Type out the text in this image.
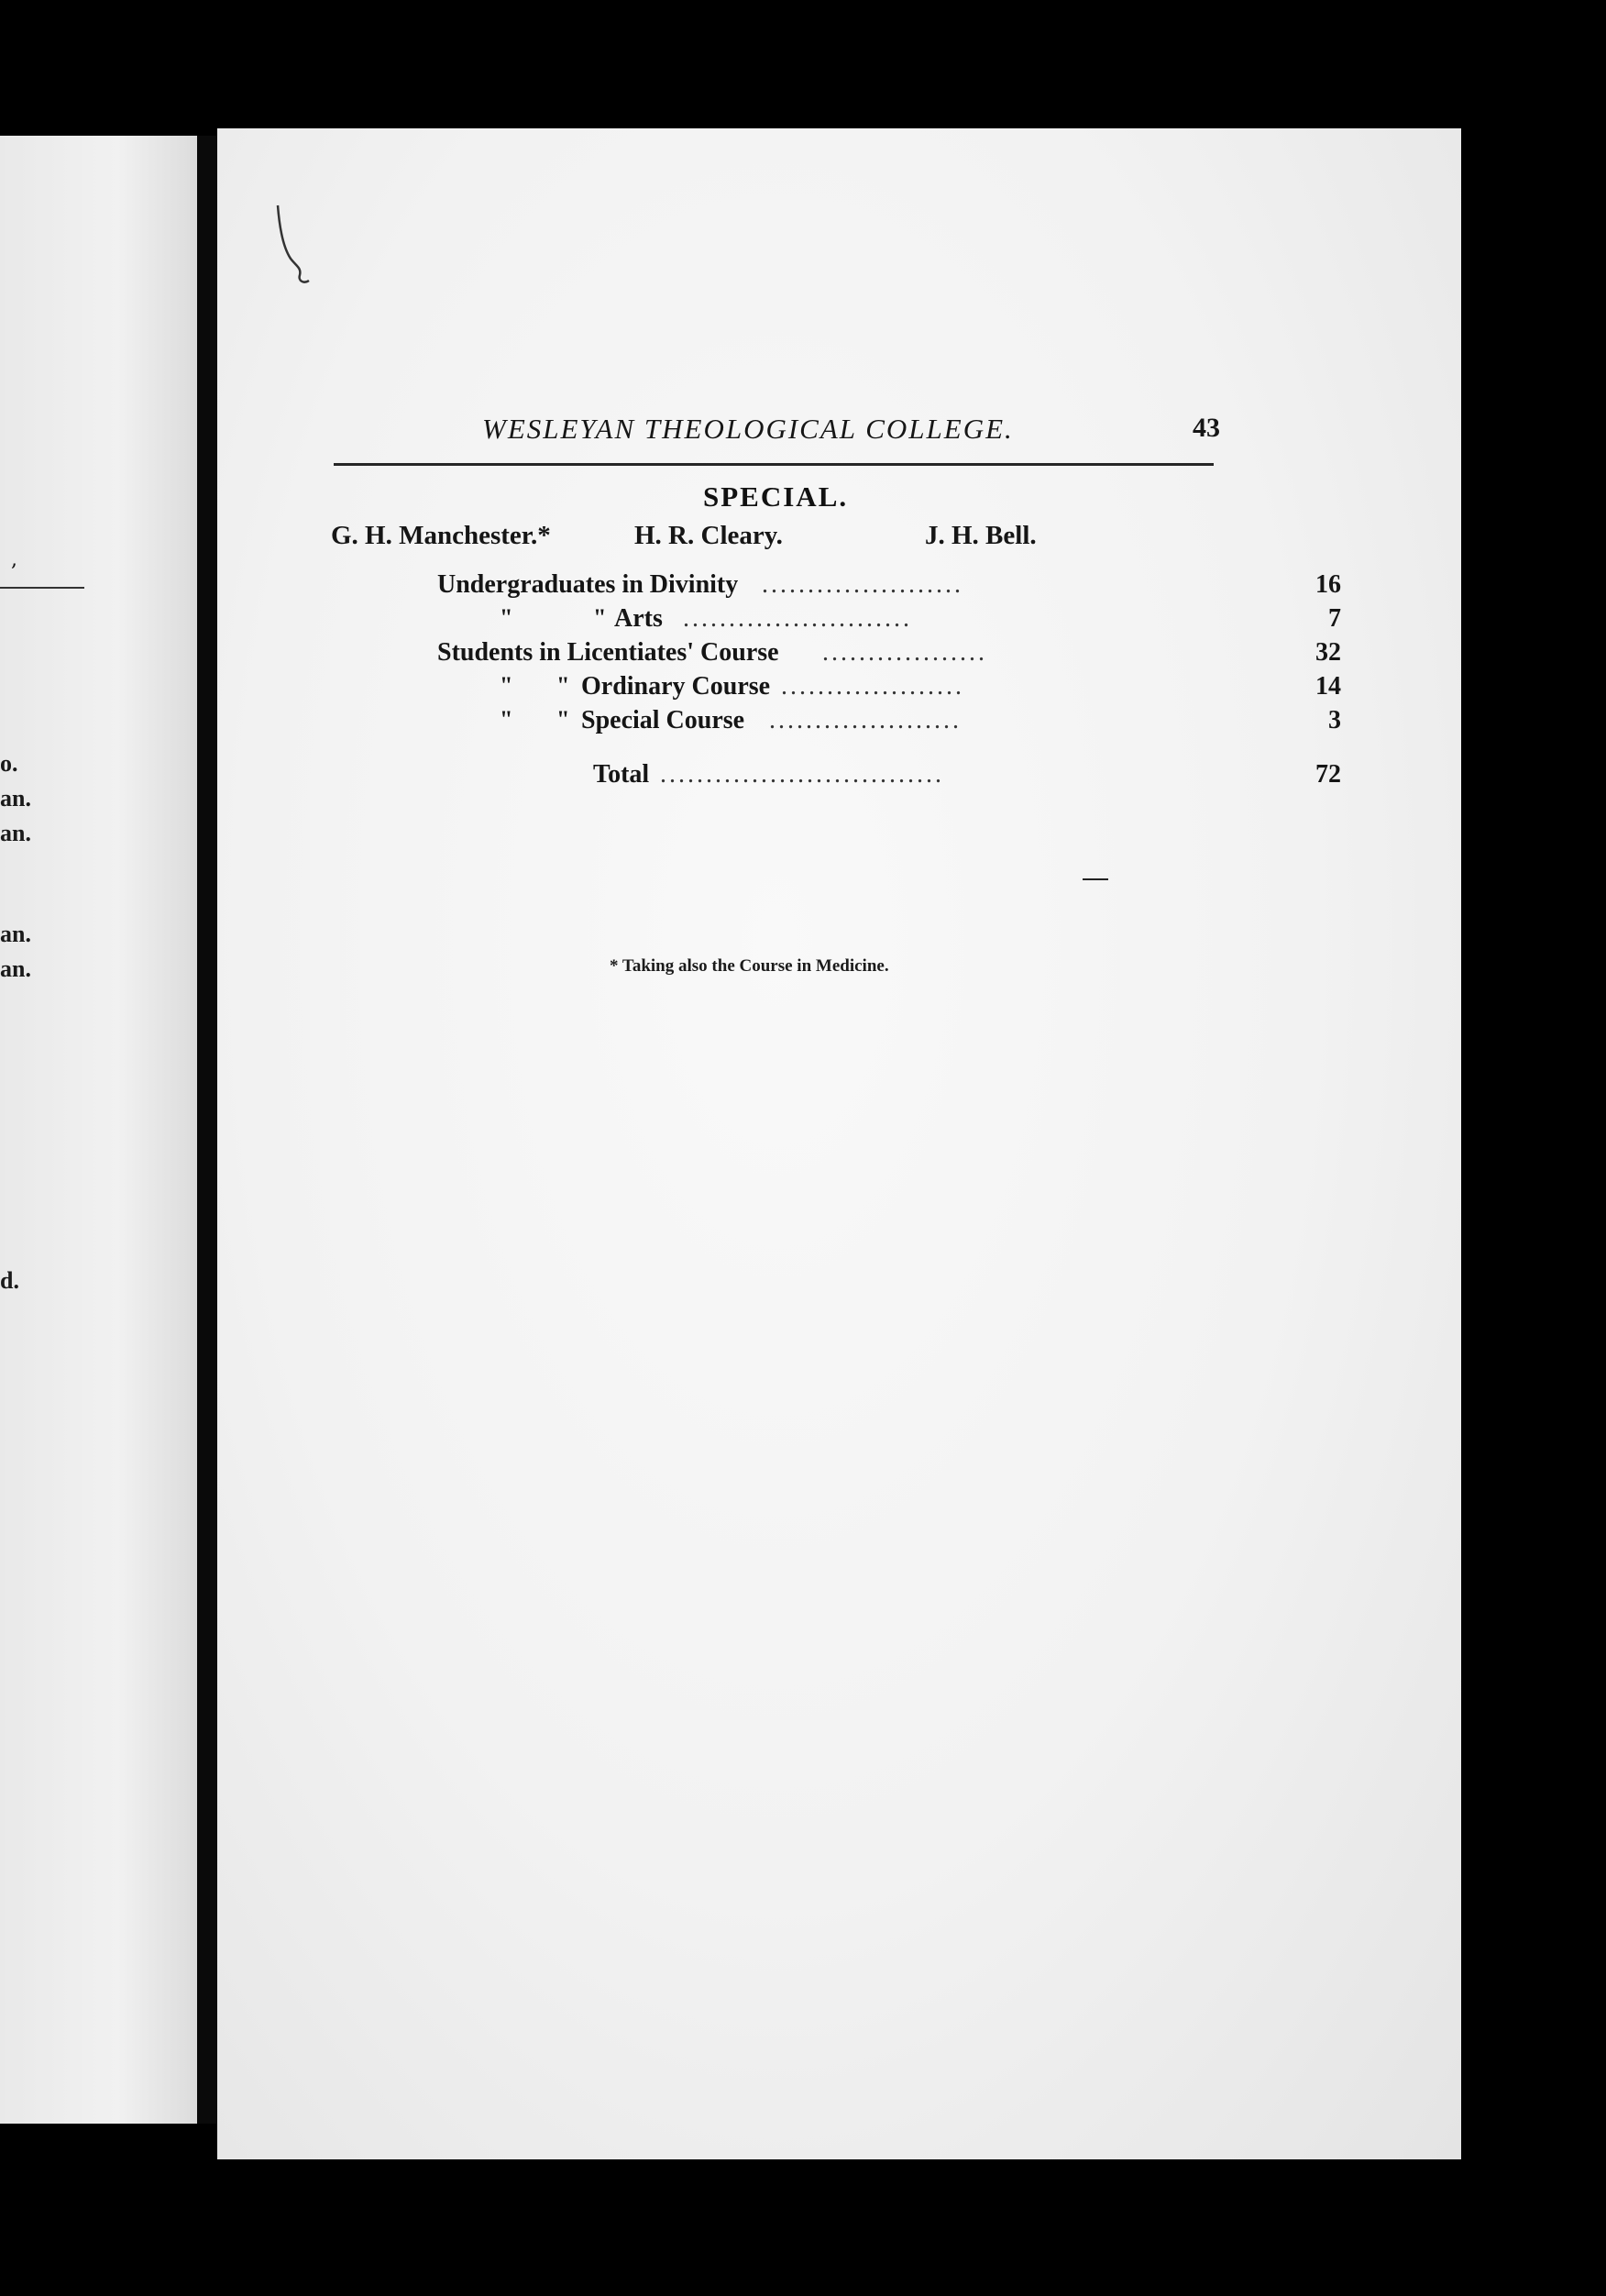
,
o.
an.
an.
an.
an.
d.
WESLEYAN THEOLOGICAL COLLEGE.	43
SPECIAL.
G. H. Manchester.*	H. R. Cleary.	J. H. Bell.
Undergraduates in Divinity ......................	16
"	" Arts .........................	7
Students in Licentiates' Course ..................	32
" " Ordinary Course ....................	14
" " Special Course .....................	3
Total ...............................	72
* Taking also the Course in Medicine.
